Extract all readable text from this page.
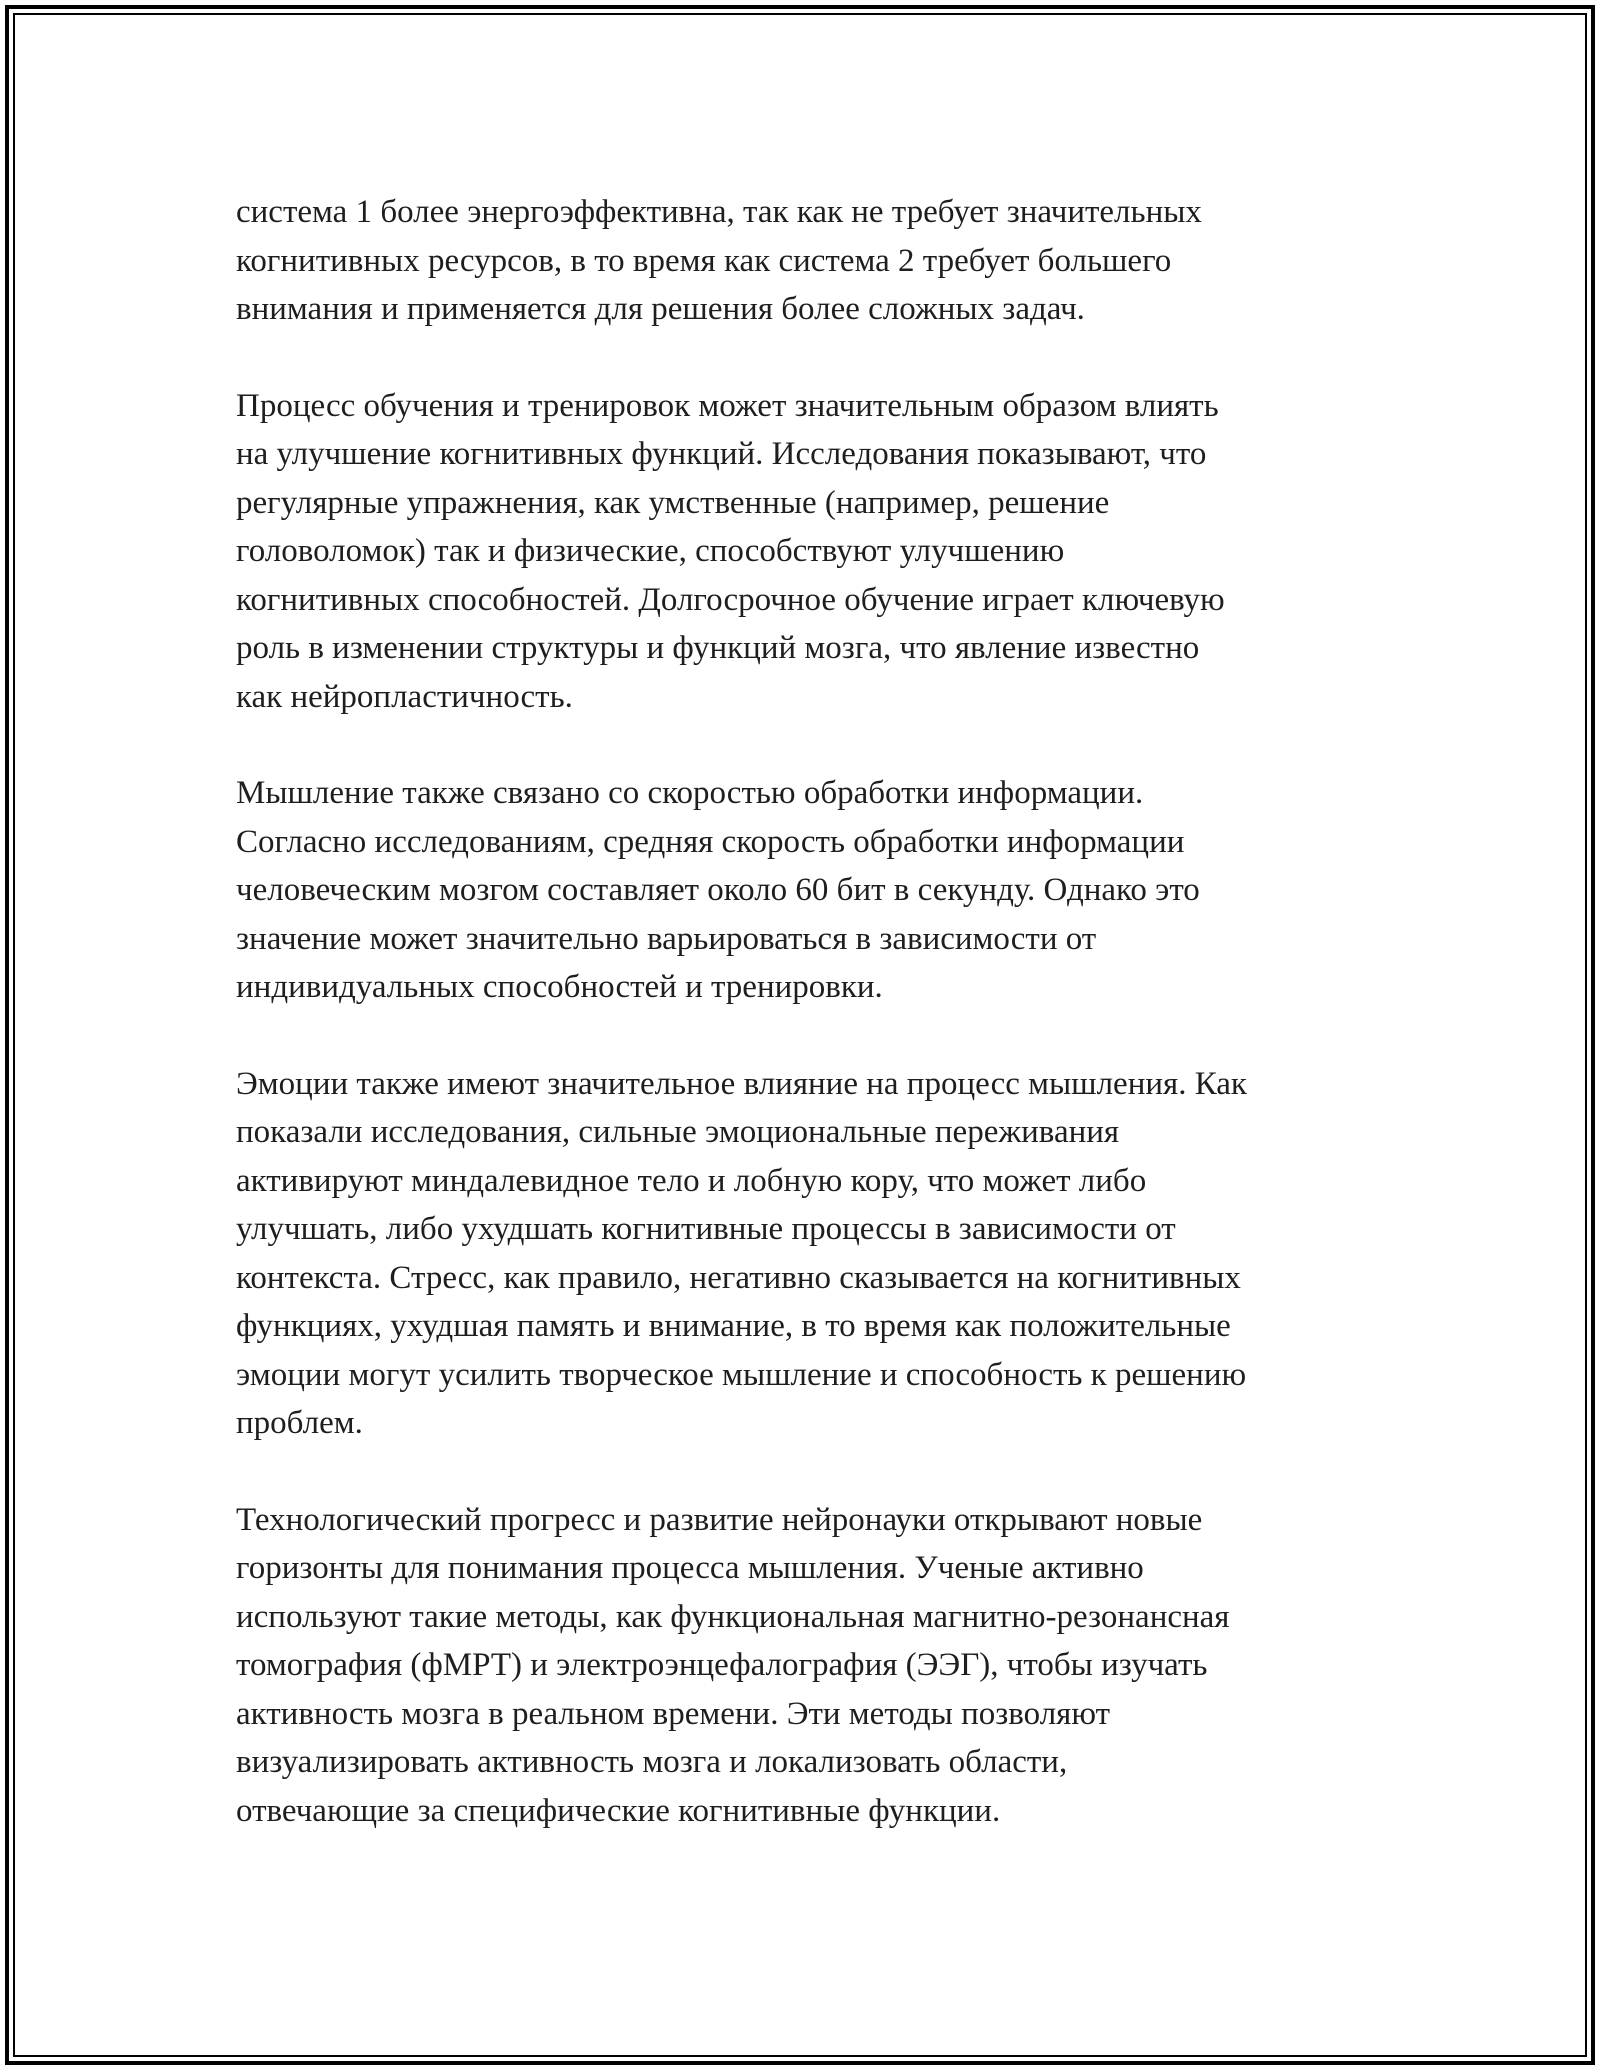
система 1 более энергоэффективна, так как не требует значительных
когнитивных ресурсов, в то время как система 2 требует большего
внимания и применяется для решения более сложных задач.

Процесс обучения и тренировок может значительным образом влиять
на улучшение когнитивных функций. Исследования показывают, что
регулярные упражнения, как умственные (например, решение
головоломок) так и физические, способствуют улучшению
когнитивных способностей. Долгосрочное обучение играет ключевую
роль в изменении структуры и функций мозга, что явление известно
как нейропластичность.

Мышление также связано со скоростью обработки информации.
Согласно исследованиям, средняя скорость обработки информации
человеческим мозгом составляет около 60 бит в секунду. Однако это
значение может значительно варьироваться в зависимости от
индивидуальных способностей и тренировки.

Эмоции также имеют значительное влияние на процесс мышления. Как
показали исследования, сильные эмоциональные переживания
активируют миндалевидное тело и лобную кору, что может либо
улучшать, либо ухудшать когнитивные процессы в зависимости от
контекста. Стресс, как правило, негативно сказывается на когнитивных
функциях, ухудшая память и внимание, в то время как положительные
эмоции могут усилить творческое мышление и способность к решению
проблем.

Технологический прогресс и развитие нейронауки открывают новые
горизонты для понимания процесса мышления. Ученые активно
используют такие методы, как функциональная магнитно-резонансная
томография (фМРТ) и электроэнцефалография (ЭЭГ), чтобы изучать
активность мозга в реальном времени. Эти методы позволяют
визуализировать активность мозга и локализовать области,
отвечающие за специфические когнитивные функции.
